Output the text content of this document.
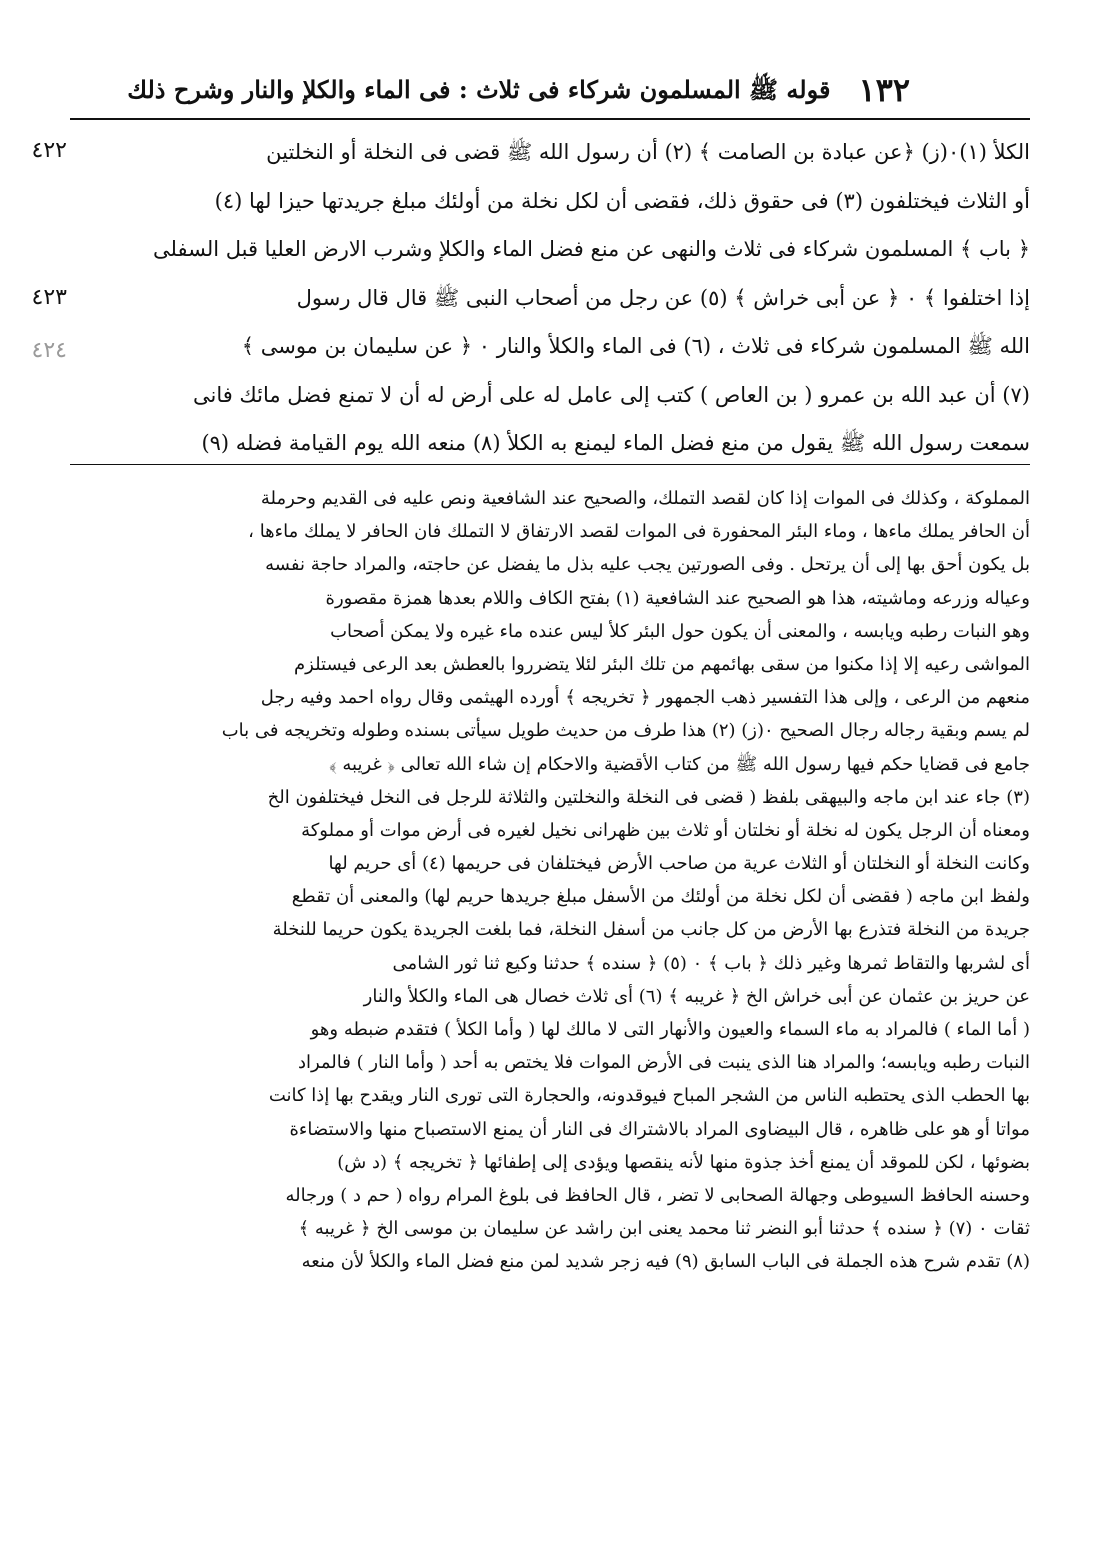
١٣٢
قوله ﷺ المسلمون شركاء فى ثلاث : فى الماء والكلإ والنار وشرح ذلك
٤٢٢
٤٢٣
٤٢٤
الكلأ (١)٠(ز) ﴿عن عبادة بن الصامت ﴾ (٢) أن رسول الله ﷺ قضى فى النخلة أو النخلتين
أو الثلاث فيختلفون (٣) فى حقوق ذلك، فقضى أن لكل نخلة من أولئك مبلغ جريدتها حيزا لها (٤)
﴿ باب ﴾ المسلمون شركاء فى ثلاث والنهى عن منع فضل الماء والكلإ وشرب الارض العليا قبل السفلى
إذا اختلفوا ﴾ ٠ ﴿ عن أبى خراش ﴾ (٥) عن رجل من أصحاب النبى ﷺ قال قال رسول
الله ﷺ المسلمون شركاء فى ثلاث ، (٦) فى الماء والكلأ والنار ٠ ﴿ عن سليمان بن موسى ﴾
(٧) أن عبد الله بن عمرو ( بن العاص ) كتب إلى عامل له على أرض له أن لا تمنع فضل مائك فانى
سمعت رسول الله ﷺ يقول من منع فضل الماء ليمنع به الكلأ (٨) منعه الله يوم القيامة فضله (٩)
المملوكة ، وكذلك فى الموات إذا كان لقصد التملك، والصحيح عند الشافعية ونص عليه فى القديم وحرملة
أن الحافر يملك ماءها ، وماء البئر المحفورة فى الموات لقصد الارتفاق لا التملك فان الحافر لا يملك ماءها ،
بل يكون أحق بها إلى أن يرتحل . وفى الصورتين يجب عليه بذل ما يفضل عن حاجته، والمراد حاجة نفسه
وعياله وزرعه وماشيته، هذا هو الصحيح عند الشافعية (١) بفتح الكاف واللام بعدها همزة مقصورة
وهو النبات رطبه ويابسه ، والمعنى أن يكون حول البئر كلأ ليس عنده ماء غيره ولا يمكن أصحاب
المواشى رعيه إلا إذا مكنوا من سقى بهائمهم من تلك البئر لئلا يتضرروا بالعطش بعد الرعى فيستلزم
منعهم من الرعى ، وإلى هذا التفسير ذهب الجمهور ﴿ تخريجه ﴾ أورده الهيثمى وقال رواه احمد وفيه رجل
لم يسم وبقية رجاله رجال الصحيح ٠(ز) (٢) هذا طرف من حديث طويل سيأتى بسنده وطوله وتخريجه فى باب
جامع فى قضايا حكم فيها رسول الله ﷺ من كتاب الأقضية والاحكام إن شاء الله تعالى ﴿ غريبه ﴾
(٣) جاء عند ابن ماجه والبيهقى بلفظ ( قضى فى النخلة والنخلتين والثلاثة للرجل فى النخل فيختلفون الخ
ومعناه أن الرجل يكون له نخلة أو نخلتان أو ثلاث بين ظهرانى نخيل لغيره فى أرض موات أو مملوكة
وكانت النخلة أو النخلتان أو الثلاث عرية من صاحب الأرض فيختلفان فى حريمها (٤) أى حريم لها
ولفظ ابن ماجه ( فقضى أن لكل نخلة من أولئك من الأسفل مبلغ جريدها حريم لها) والمعنى أن تقطع
جريدة من النخلة فتذرع بها الأرض من كل جانب من أسفل النخلة، فما بلغت الجريدة يكون حريما للنخلة
أى لشربها والتقاط ثمرها وغير ذلك ﴿ باب ﴾ ٠ (٥) ﴿ سنده ﴾ حدثنا وكيع ثنا ثور الشامى
عن حريز بن عثمان عن أبى خراش الخ ﴿ غريبه ﴾ (٦) أى ثلاث خصال هى الماء والكلأ والنار
( أما الماء ) فالمراد به ماء السماء والعيون والأنهار التى لا مالك لها ( وأما الكلأ ) فتقدم ضبطه وهو
النبات رطبه ويابسه؛ والمراد هنا الذى ينبت فى الأرض الموات فلا يختص به أحد ( وأما النار ) فالمراد
بها الحطب الذى يحتطبه الناس من الشجر المباح فيوقدونه، والحجارة التى تورى النار ويقدح بها إذا كانت
مواتا أو هو على ظاهره ، قال البيضاوى المراد بالاشتراك فى النار أن يمنع الاستصباح منها والاستضاءة
بضوئها ، لكن للموقد أن يمنع أخذ جذوة منها لأنه ينقصها ويؤدى إلى إطفائها ﴿ تخريجه ﴾ (د ش)
وحسنه الحافظ السيوطى وجهالة الصحابى لا تضر ، قال الحافظ فى بلوغ المرام رواه ( حم د ) ورجاله
ثقات ٠ (٧) ﴿ سنده ﴾ حدثنا أبو النضر ثنا محمد يعنى ابن راشد عن سليمان بن موسى الخ ﴿ غريبه ﴾
(٨) تقدم شرح هذه الجملة فى الباب السابق (٩) فيه زجر شديد لمن منع فضل الماء والكلأ لأن منعه
